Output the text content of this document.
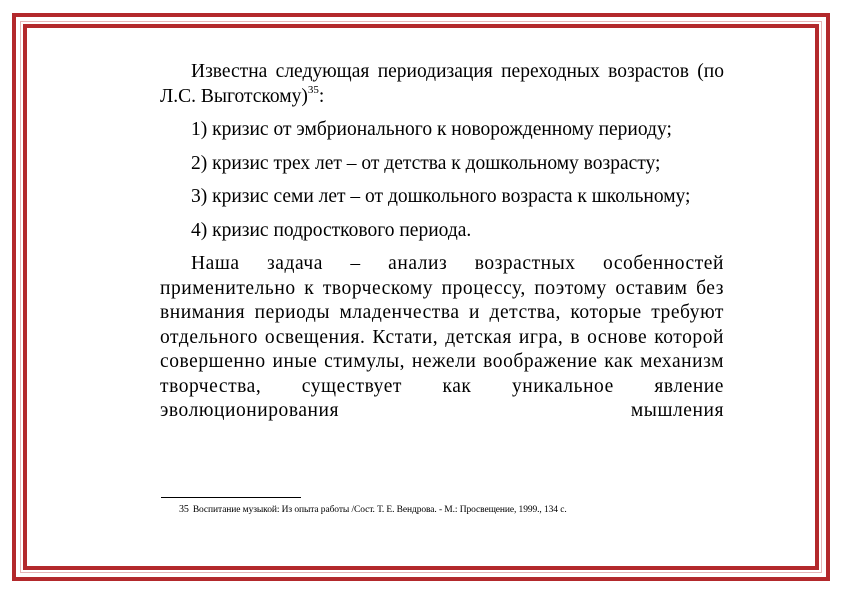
Известна следующая периодизация переходных возрастов (по Л.С. Выготскому)$^{35}$:

1) кризис от эмбрионального к новорожденному периоду;

2) кризис трех лет – от детства к дошкольному возрасту;

3) кризис семи лет – от дошкольного возраста к школьному;

4) кризис подросткового периода.

Наша задача – анализ возрастных особенностей применительно к творческому процессу, поэтому оставим без внимания периоды младенчества и детства, которые требуют отдельного освещения. Кстати, детская игра, в основе которой совершенно иные стимулы, нежели воображение как механизм творчества, существует как уникальное явление эволюционирования мышления

35 Воспитание музыкой: Из опыта работы /Сост. Т. Е. Вендрова. - М.: Просвещение, 1999., 134 с.
